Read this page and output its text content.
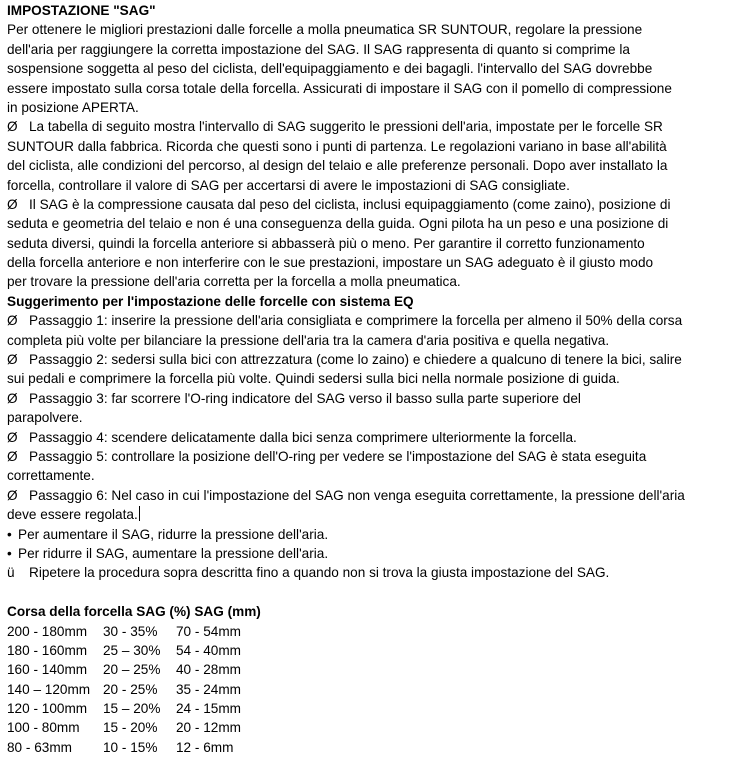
IMPOSTAZIONE "SAG"
Per ottenere le migliori prestazioni dalle forcelle a molla pneumatica SR SUNTOUR, regolare la pressione
dell'aria per raggiungere la corretta impostazione del SAG. Il SAG rappresenta di quanto si comprime la
sospensione soggetta al peso del ciclista, dell'equipaggiamento e dei bagagli. l'intervallo del SAG dovrebbe
essere impostato sulla corsa totale della forcella. Assicurati di impostare il SAG con il pomello di compressione
in posizione APERTA.
Ø La tabella di seguito mostra l'intervallo di SAG suggerito le pressioni dell'aria, impostate per le forcelle SR
SUNTOUR dalla fabbrica. Ricorda che questi sono i punti di partenza. Le regolazioni variano in base all'abilità
del ciclista, alle condizioni del percorso, al design del telaio e alle preferenze personali. Dopo aver installato la
forcella, controllare il valore di SAG per accertarsi di avere le impostazioni di SAG consigliate.
Ø Il SAG è la compressione causata dal peso del ciclista, inclusi equipaggiamento (come zaino), posizione di
seduta e geometria del telaio e non é una conseguenza della guida. Ogni pilota ha un peso e una posizione di
seduta diversi, quindi la forcella anteriore si abbasserà più o meno. Per garantire il corretto funzionamento
della forcella anteriore e non interferire con le sue prestazioni, impostare un SAG adeguato è il giusto modo
per trovare la pressione dell'aria corretta per la forcella a molla pneumatica.
Suggerimento per l'impostazione delle forcelle con sistema EQ
Ø Passaggio 1: inserire la pressione dell'aria consigliata e comprimere la forcella per almeno il 50% della corsa
completa più volte per bilanciare la pressione dell'aria tra la camera d'aria positiva e quella negativa.
Ø Passaggio 2: sedersi sulla bici con attrezzatura (come lo zaino) e chiedere a qualcuno di tenere la bici, salire
sui pedali e comprimere la forcella più volte. Quindi sedersi sulla bici nella normale posizione di guida.
Ø Passaggio 3: far scorrere l'O-ring indicatore del SAG verso il basso sulla parte superiore del
parapolvere.
Ø Passaggio 4: scendere delicatamente dalla bici senza comprimere ulteriormente la forcella.
Ø Passaggio 5: controllare la posizione dell'O-ring per vedere se l'impostazione del SAG è stata eseguita
correttamente.
Ø Passaggio 6: Nel caso in cui l'impostazione del SAG non venga eseguita correttamente, la pressione dell'aria
deve essere regolata.
• Per aumentare il SAG, ridurre la pressione dell'aria.
• Per ridurre il SAG, aumentare la pressione dell'aria.
ü Ripetere la procedura sopra descritta fino a quando non si trova la giusta impostazione del SAG.
Corsa della forcella SAG (%) SAG (mm)
200 - 180mm 30 - 35% 70 - 54mm
180 - 160mm 25 – 30% 54 - 40mm
160 - 140mm 20 – 25% 40 - 28mm
140 – 120mm 20 - 25% 35 - 24mm
120 - 100mm 15 – 20% 24 - 15mm
100 - 80mm 15 - 20% 20 - 12mm
80 - 63mm 10 - 15% 12 - 6mm
